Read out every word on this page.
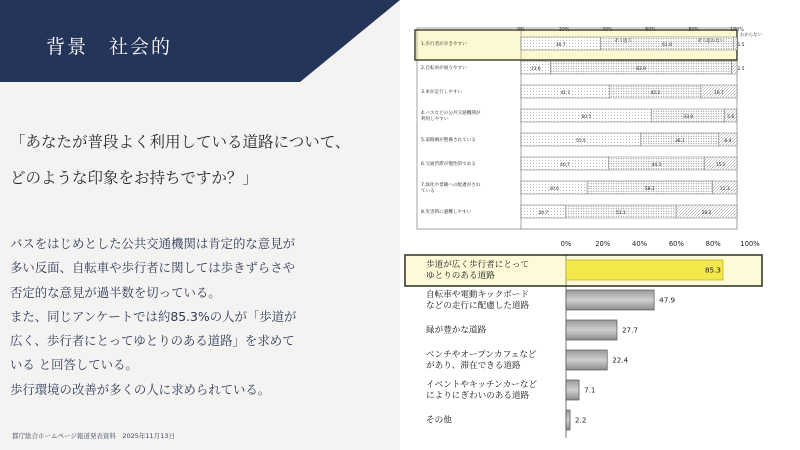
背景　社会的
「あなたが普段よく利用している道路について、
どのような印象をお持ちですか？」
バスをはじめとした公共交通機関は肯定的な意見が
多い反面、自転車や歩行者に関しては歩きずらさや
否定的な意見が過半数を切っている。
また、同じアンケートでは約85.3%の人が「歩道が
広く、歩行者にとってゆとりのある道路」を求めて
いる と回答している。
歩行環境の改善が多くの人に求められている。
都庁総合ホームページ報道発表資料　2025年11月13日
0%	20%	40%	60%	80%	100%
1.歩行者が歩きやすい	36.7	61.8	1.5
そう思う	そう思わない
わからない
2.自転車が通りやすい	13.6	83.9	2.5
3.車が走行しやすい	41.1	42.2	16.7
4.バスなどの公共交通機関が
利用しやすい	60.5	33.8	5.6
5.道路網が整備されている	55.5	36.1	8.4
6.交通渋滞が慢性的である	40.7	44.1	15.2
7.緑化や景観への配慮がされ
ている	30.6	58.1	11.3
8.災害時に避難しやすい	20.7	51.1	28.2
0%	20%	40%	60%	80%	100%
歩道が広く歩行者にとって
ゆとりのある道路
85.3
自転車や電動キックボード
などの走行に配慮した道路
47.9
緑が豊かな道路	27.7
ベンチやオープンカフェなど
があり、滞在できる道路
22.4
イベントやキッチンカーなど
によりにぎわいのある道路
7.1
その他	2.2
